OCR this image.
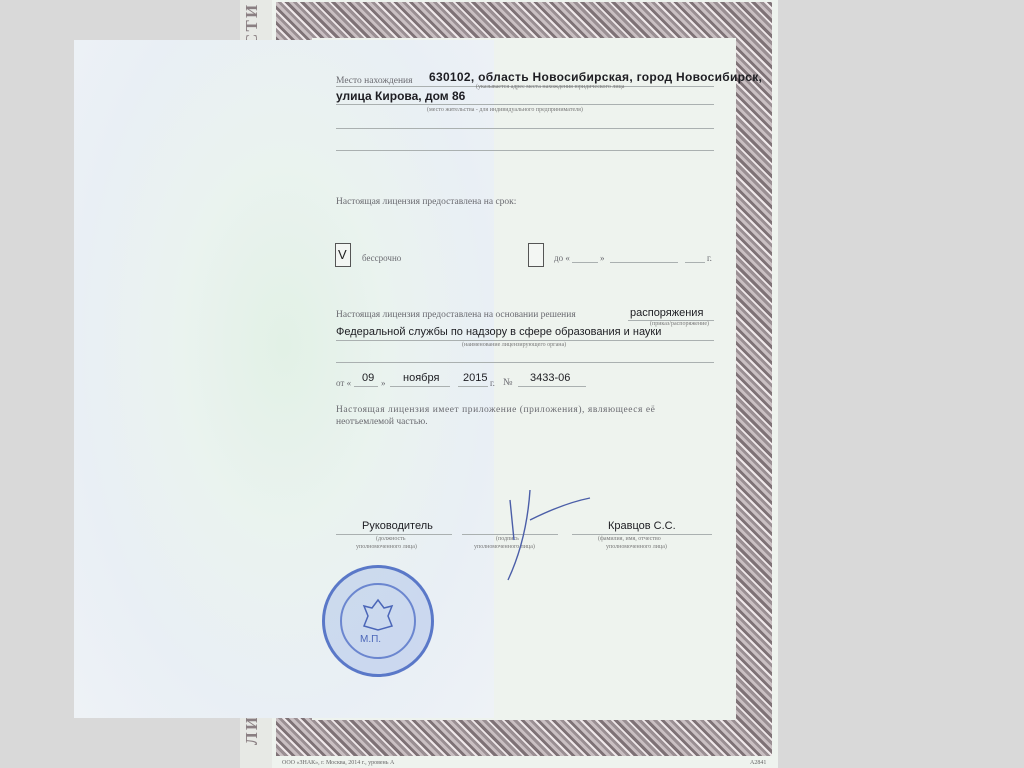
Место нахождения 630102, область Новосибирская, город Новосибирск,
(указывается адрес места нахождения юридического лица
улица Кирова, дом 86
(место жительства - для индивидуального предпринимателя)
Настоящая лицензия предоставлена на срок:
V бессрочно	до «	»	г.
Настоящая лицензия предоставлена на основании решения	распоряжения
(приказ/распоряжение)
Федеральной службы по надзору в сфере образования и науки
(наименование лицензирующего органа)
от « 09 » ноября 2015 г. № 3433-06
Настоящая лицензия имеет приложение (приложения), являющееся её
неотъемлемой частью.
Руководитель
(должность
уполномоченного лица)
(подпись
уполномоченного лица)
Кравцов С.С.
(фамилия, имя, отчество
уполномоченного лица)
М.П.
ООО «ЗНАК», г. Москва, 2014 г., уровень А	А2841
